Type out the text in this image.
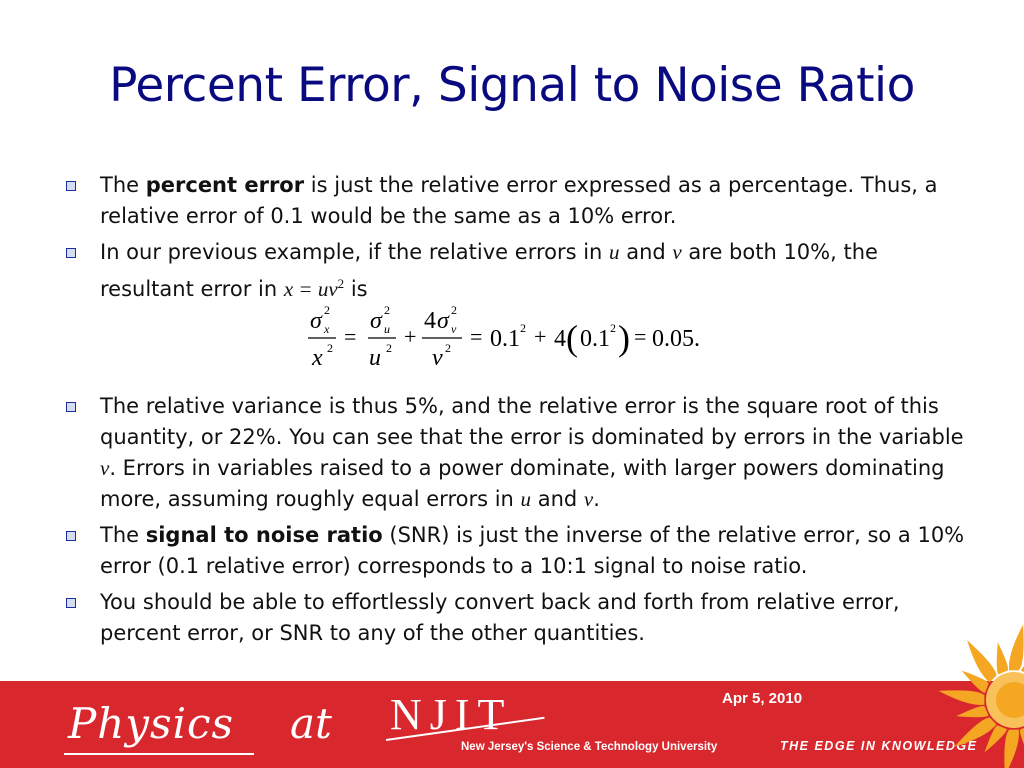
Percent Error, Signal to Noise Ratio
The percent error is just the relative error expressed as a percentage. Thus, a relative error of 0.1 would be the same as a 10% error.
In our previous example, if the relative errors in u and v are both 10%, the resultant error in $x = uv^2$ is
The relative variance is thus 5%, and the relative error is the square root of this quantity, or 22%. You can see that the error is dominated by errors in the variable v. Errors in variables raised to a power dominate, with larger powers dominating more, assuming roughly equal errors in u and v.
The signal to noise ratio (SNR) is just the inverse of the relative error, so a 10% error (0.1 relative error) corresponds to a 10:1 signal to noise ratio.
You should be able to effortlessly convert back and forth from relative error, percent error, or SNR to any of the other quantities.
σ 2
x
x 2 =
σ 2
u
u 2 +
4 σ 2
v
v 2 = 0.1 2 + 4 ( 0.1 2 ) = 0.05.
Physics at NJIT
New Jersey's Science & Technology University
Apr 5, 2010
THE EDGE IN KNOWLEDGE
